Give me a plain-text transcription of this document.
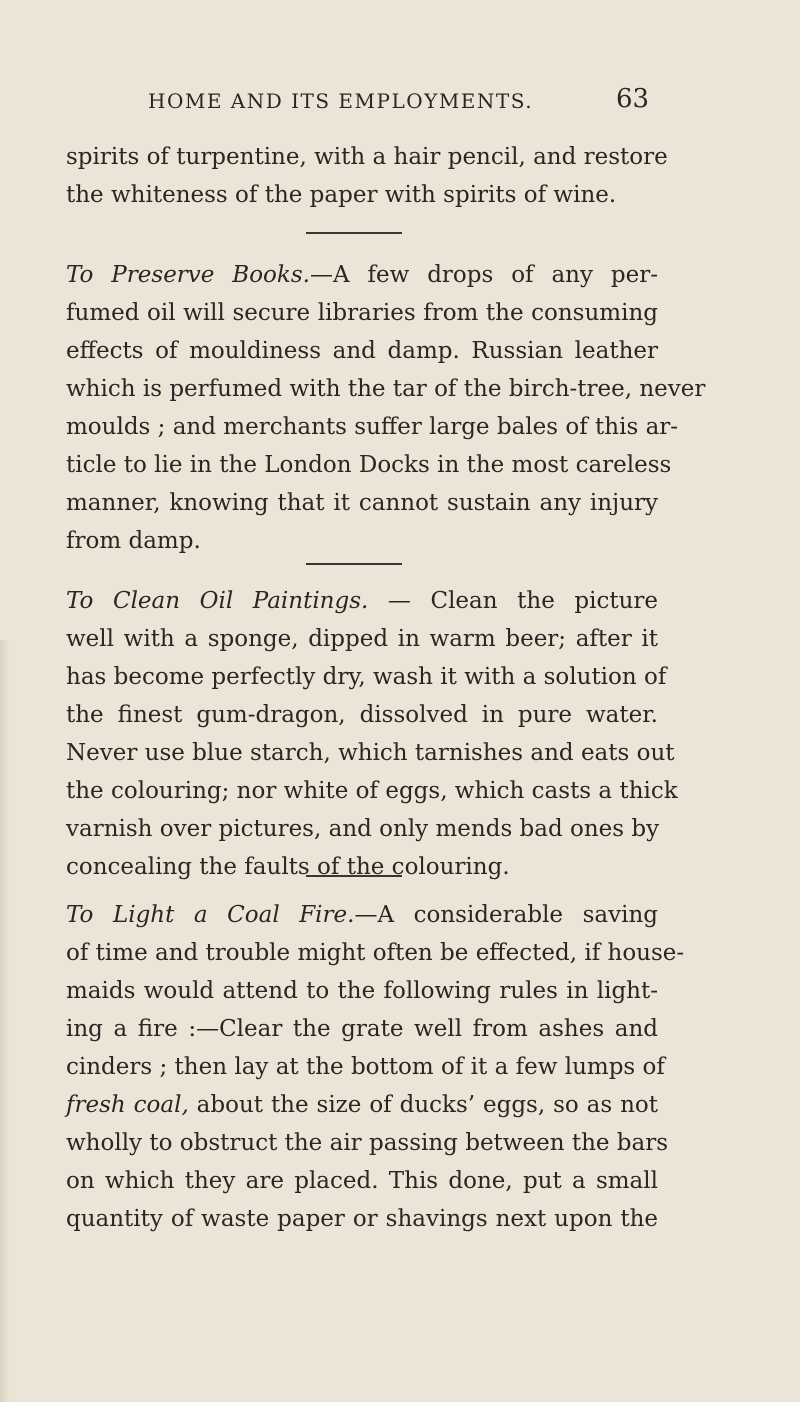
HOME AND ITS EMPLOYMENTS.	63
spirits of turpentine, with a hair pencil, and restore
the whiteness of the paper with spirits of wine.
To Preserve Books.—A few drops of any per-
fumed oil will secure libraries from the consuming
effects of mouldiness and damp. Russian leather
which is perfumed with the tar of the birch-tree, never
moulds ; and merchants suffer large bales of this ar-
ticle to lie in the London Docks in the most careless
manner, knowing that it cannot sustain any injury
from damp.
To Clean Oil Paintings. — Clean the picture
well with a sponge, dipped in warm beer; after it
has become perfectly dry, wash it with a solution of
the finest gum-dragon, dissolved in pure water.
Never use blue starch, which tarnishes and eats out
the colouring; nor white of eggs, which casts a thick
varnish over pictures, and only mends bad ones by
concealing the faults of the colouring.
To Light a Coal Fire.—A considerable saving
of time and trouble might often be effected, if house-
maids would attend to the following rules in light-
ing a fire :—Clear the grate well from ashes and
cinders ; then lay at the bottom of it a few lumps of
fresh coal, about the size of ducks’ eggs, so as not
wholly to obstruct the air passing between the bars
on which they are placed. This done, put a small
quantity of waste paper or shavings next upon the
